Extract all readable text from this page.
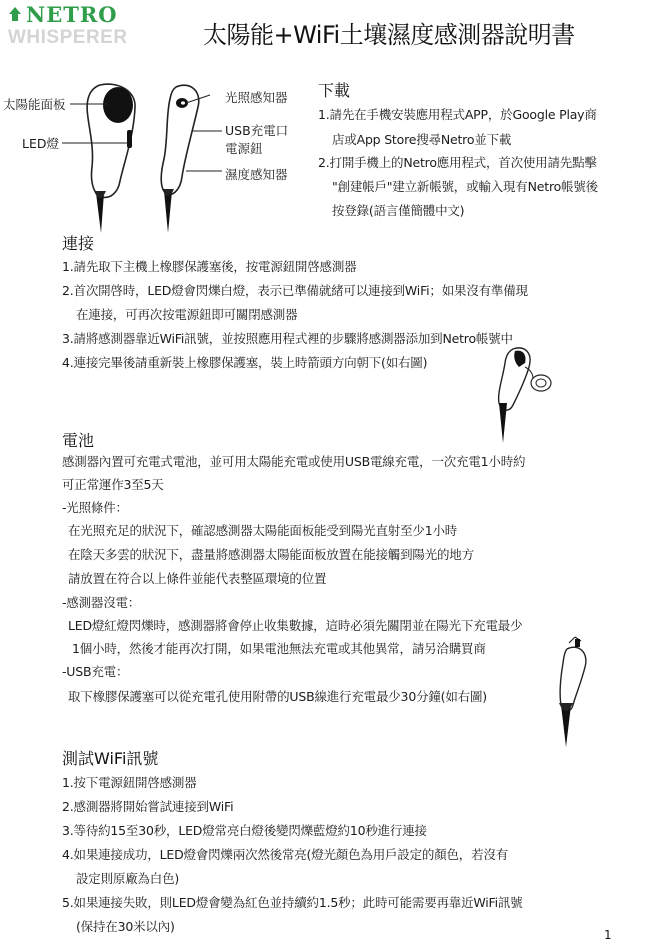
NETRO
WHISPERER	太陽能+WiFi土壤濕度感測器說明書
太陽能面板
LED燈
光照感知器
USB充電口
電源鈕
濕度感知器
下載
1.請先在手機安裝應用程式APP，於Google Play商
店或App Store搜尋Netro並下載
2.打開手機上的Netro應用程式，首次使用請先點擊
"創建帳戶"建立新帳號，或輸入現有Netro帳號後
按登錄(語言僅簡體中文)
連接
1.請先取下主機上橡膠保護塞後，按電源鈕開啓感測器
2.首次開啓時，LED燈會閃爍白燈，表示已準備就緒可以連接到WiFi；如果沒有準備現
在連接，可再次按電源鈕即可關閉感測器
3.請將感測器靠近WiFi訊號，並按照應用程式裡的步驟將感測器添加到Netro帳號中
4.連接完畢後請重新裝上橡膠保護塞，裝上時箭頭方向朝下(如右圖)
電池
感測器內置可充電式電池，並可用太陽能充電或使用USB電線充電，一次充電1小時約
可正常運作3至5天
-光照條件：
在光照充足的狀況下，確認感測器太陽能面板能受到陽光直射至少1小時
在陰天多雲的狀況下，盡量將感測器太陽能面板放置在能接觸到陽光的地方
請放置在符合以上條件並能代表整區環境的位置
-感測器沒電：
LED燈紅燈閃爍時，感測器將會停止收集數據，這時必須先關閉並在陽光下充電最少
1個小時，然後才能再次打開，如果電池無法充電或其他異常，請另洽購買商
-USB充電：
取下橡膠保護塞可以從充電孔使用附帶的USB線進行充電最少30分鐘(如右圖)
測試WiFi訊號
1.按下電源鈕開啓感測器
2.感測器將開始嘗試連接到WiFi
3.等待約15至30秒，LED燈常亮白燈後變閃爍藍燈約10秒進行連接
4.如果連接成功，LED燈會閃爍兩次然後常亮(燈光顏色為用戶設定的顏色，若沒有
設定則原廠為白色)
5.如果連接失敗，則LED燈會變為紅色並持續約1.5秒；此時可能需要再靠近WiFi訊號
(保持在30米以內)
1
